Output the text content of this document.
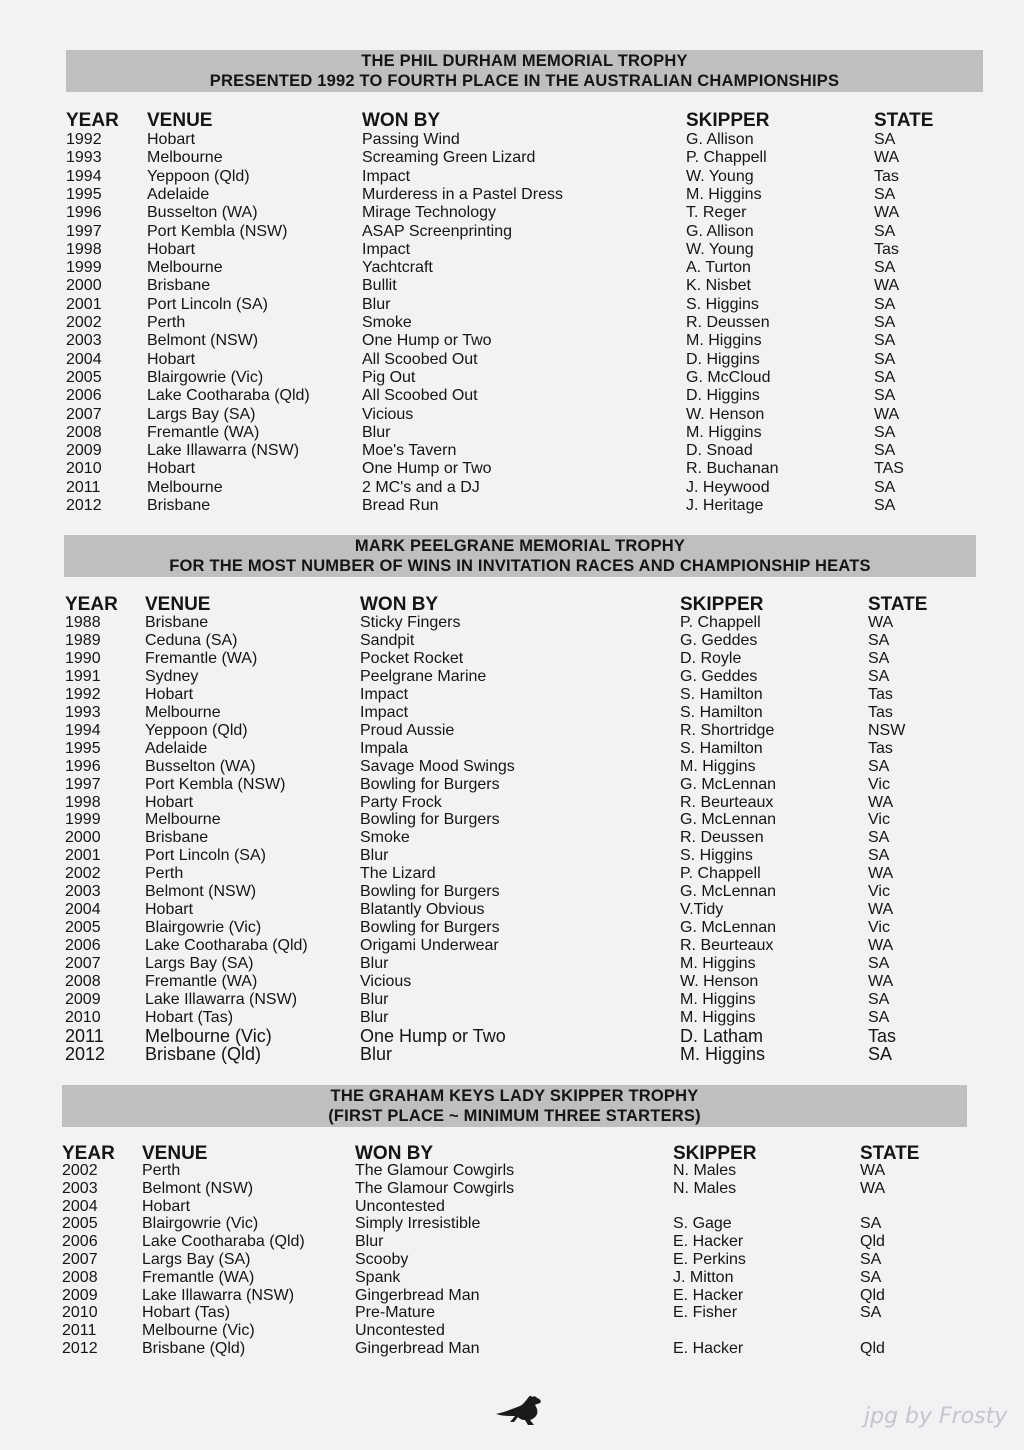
THE PHIL DURHAM MEMORIAL TROPHY
PRESENTED 1992 TO FOURTH PLACE IN THE AUSTRALIAN CHAMPIONSHIPS
YEAR VENUE	WON BY	SKIPPER	STATE
1992	Hobart	Passing Wind	G. Allison	SA
1993	Melbourne	Screaming Green Lizard	P. Chappell	WA
1994	Yeppoon (Qld)	Impact	W. Young	Tas
1995	Adelaide	Murderess in a Pastel Dress	M. Higgins	SA
1996	Busselton (WA)	Mirage Technology	T. Reger	WA
1997	Port Kembla (NSW)	ASAP Screenprinting	G. Allison	SA
1998	Hobart	Impact	W. Young	Tas
1999	Melbourne	Yachtcraft	A. Turton	SA
2000	Brisbane	Bullit	K. Nisbet	WA
2001	Port Lincoln (SA)	Blur	S. Higgins	SA
2002	Perth	Smoke	R. Deussen	SA
2003	Belmont (NSW)	One Hump or Two	M. Higgins	SA
2004	Hobart	All Scoobed Out	D. Higgins	SA
2005	Blairgowrie (Vic)	Pig Out	G. McCloud	SA
2006	Lake Cootharaba (Qld)	All Scoobed Out	D. Higgins	SA
2007	Largs Bay (SA)	Vicious	W. Henson	WA
2008	Fremantle (WA)	Blur	M. Higgins	SA
2009	Lake Illawarra (NSW)	Moe's Tavern	D. Snoad	SA
2010	Hobart	One Hump or Two	R. Buchanan	TAS
2011	Melbourne	2 MC's and a DJ	J. Heywood	SA
2012	Brisbane	Bread Run	J. Heritage	SA
MARK PEELGRANE MEMORIAL TROPHY
FOR THE MOST NUMBER OF WINS IN INVITATION RACES AND CHAMPIONSHIP HEATS
YEAR VENUE	WON BY	SKIPPER	STATE
1988	Brisbane	Sticky Fingers	P. Chappell	WA
1989	Ceduna (SA)	Sandpit	G. Geddes	SA
1990	Fremantle (WA)	Pocket Rocket	D. Royle	SA
1991	Sydney	Peelgrane Marine	G. Geddes	SA
1992	Hobart	Impact	S. Hamilton	Tas
1993	Melbourne	Impact	S. Hamilton	Tas
1994	Yeppoon (Qld)	Proud Aussie	R. Shortridge	NSW
1995	Adelaide	Impala	S. Hamilton	Tas
1996	Busselton (WA)	Savage Mood Swings	M. Higgins	SA
1997	Port Kembla (NSW)	Bowling for Burgers	G. McLennan	Vic
1998	Hobart	Party Frock	R. Beurteaux	WA
1999	Melbourne	Bowling for Burgers	G. McLennan	Vic
2000	Brisbane	Smoke	R. Deussen	SA
2001	Port Lincoln (SA)	Blur	S. Higgins	SA
2002	Perth	The Lizard	P. Chappell	WA
2003	Belmont (NSW)	Bowling for Burgers	G. McLennan	Vic
2004	Hobart	Blatantly Obvious	V.Tidy	WA
2005	Blairgowrie (Vic)	Bowling for Burgers	G. McLennan	Vic
2006	Lake Cootharaba (Qld)	Origami Underwear	R. Beurteaux	WA
2007	Largs Bay (SA)	Blur	M. Higgins	SA
2008	Fremantle (WA)	Vicious	W. Henson	WA
2009	Lake Illawarra (NSW)	Blur	M. Higgins	SA
2010	Hobart (Tas)	Blur	M. Higgins	SA
2011 Melbourne (Vic)	One Hump or Two	D. Latham	Tas
2012 Brisbane (Qld)	Blur	M. Higgins	SA
THE GRAHAM KEYS LADY SKIPPER TROPHY
(FIRST PLACE ~ MINIMUM THREE STARTERS)
YEAR VENUE	WON BY	SKIPPER	STATE
2002	Perth	The Glamour Cowgirls	N. Males	WA
2003	Belmont (NSW)	The Glamour Cowgirls	N. Males	WA
2004	Hobart	Uncontested
2005	Blairgowrie (Vic)	Simply Irresistible	S. Gage	SA
2006	Lake Cootharaba (Qld)	Blur	E. Hacker	Qld
2007	Largs Bay (SA)	Scooby	E. Perkins	SA
2008	Fremantle (WA)	Spank	J. Mitton	SA
2009	Lake Illawarra (NSW)	Gingerbread Man	E. Hacker	Qld
2010	Hobart (Tas)	Pre-Mature	E. Fisher	SA
2011	Melbourne (Vic)	Uncontested
2012	Brisbane (Qld)	Gingerbread Man	E. Hacker	Qld
jpg by Frosty
